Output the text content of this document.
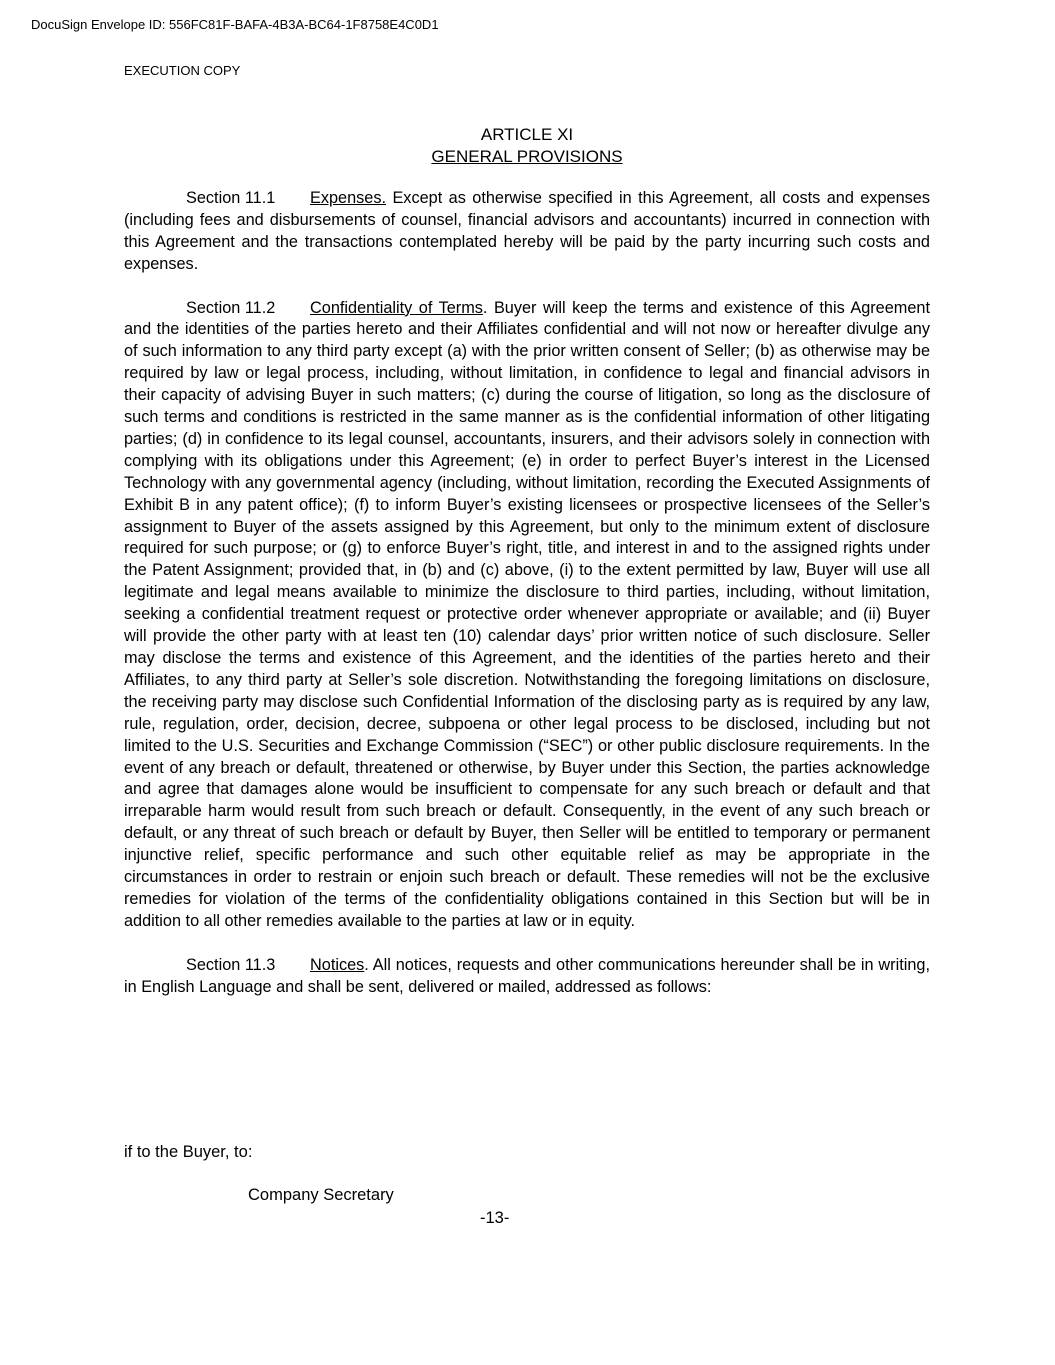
DocuSign Envelope ID: 556FC81F-BAFA-4B3A-BC64-1F8758E4C0D1
EXECUTION COPY
ARTICLE XI
GENERAL PROVISIONS

Section 11.1 Expenses. Except as otherwise specified in this Agreement, all costs and expenses (including fees and disbursements of counsel, financial advisors and accountants) incurred in connection with this Agreement and the transactions contemplated hereby will be paid by the party incurring such costs and expenses.

Section 11.2 Confidentiality of Terms. Buyer will keep the terms and existence of this Agreement and the identities of the parties hereto and their Affiliates confidential and will not now or hereafter divulge any of such information to any third party except (a) with the prior written consent of Seller; (b) as otherwise may be required by law or legal process, including, without limitation, in confidence to legal and financial advisors in their capacity of advising Buyer in such matters; (c) during the course of litigation, so long as the disclosure of such terms and conditions is restricted in the same manner as is the confidential information of other litigating parties; (d) in confidence to its legal counsel, accountants, insurers, and their advisors solely in connection with complying with its obligations under this Agreement; (e) in order to perfect Buyer’s interest in the Licensed Technology with any governmental agency (including, without limitation, recording the Executed Assignments of Exhibit B in any patent office); (f) to inform Buyer’s existing licensees or prospective licensees of the Seller’s assignment to Buyer of the assets assigned by this Agreement, but only to the minimum extent of disclosure required for such purpose; or (g) to enforce Buyer’s right, title, and interest in and to the assigned rights under the Patent Assignment; provided that, in (b) and (c) above, (i) to the extent permitted by law, Buyer will use all legitimate and legal means available to minimize the disclosure to third parties, including, without limitation, seeking a confidential treatment request or protective order whenever appropriate or available; and (ii) Buyer will provide the other party with at least ten (10) calendar days’ prior written notice of such disclosure. Seller may disclose the terms and existence of this Agreement, and the identities of the parties hereto and their Affiliates, to any third party at Seller’s sole discretion. Notwithstanding the foregoing limitations on disclosure, the receiving party may disclose such Confidential Information of the disclosing party as is required by any law, rule, regulation, order, decision, decree, subpoena or other legal process to be disclosed, including but not limited to the U.S. Securities and Exchange Commission (“SEC”) or other public disclosure requirements. In the event of any breach or default, threatened or otherwise, by Buyer under this Section, the parties acknowledge and agree that damages alone would be insufficient to compensate for any such breach or default and that irreparable harm would result from such breach or default. Consequently, in the event of any such breach or default, or any threat of such breach or default by Buyer, then Seller will be entitled to temporary or permanent injunctive relief, specific performance and such other equitable relief as may be appropriate in the circumstances in order to restrain or enjoin such breach or default. These remedies will not be the exclusive remedies for violation of the terms of the confidentiality obligations contained in this Section but will be in addition to all other remedies available to the parties at law or in equity.

Section 11.3 Notices. All notices, requests and other communications hereunder shall be in writing, in English Language and shall be sent, delivered or mailed, addressed as follows:

if to the Buyer, to:
Company Secretary
-13-
